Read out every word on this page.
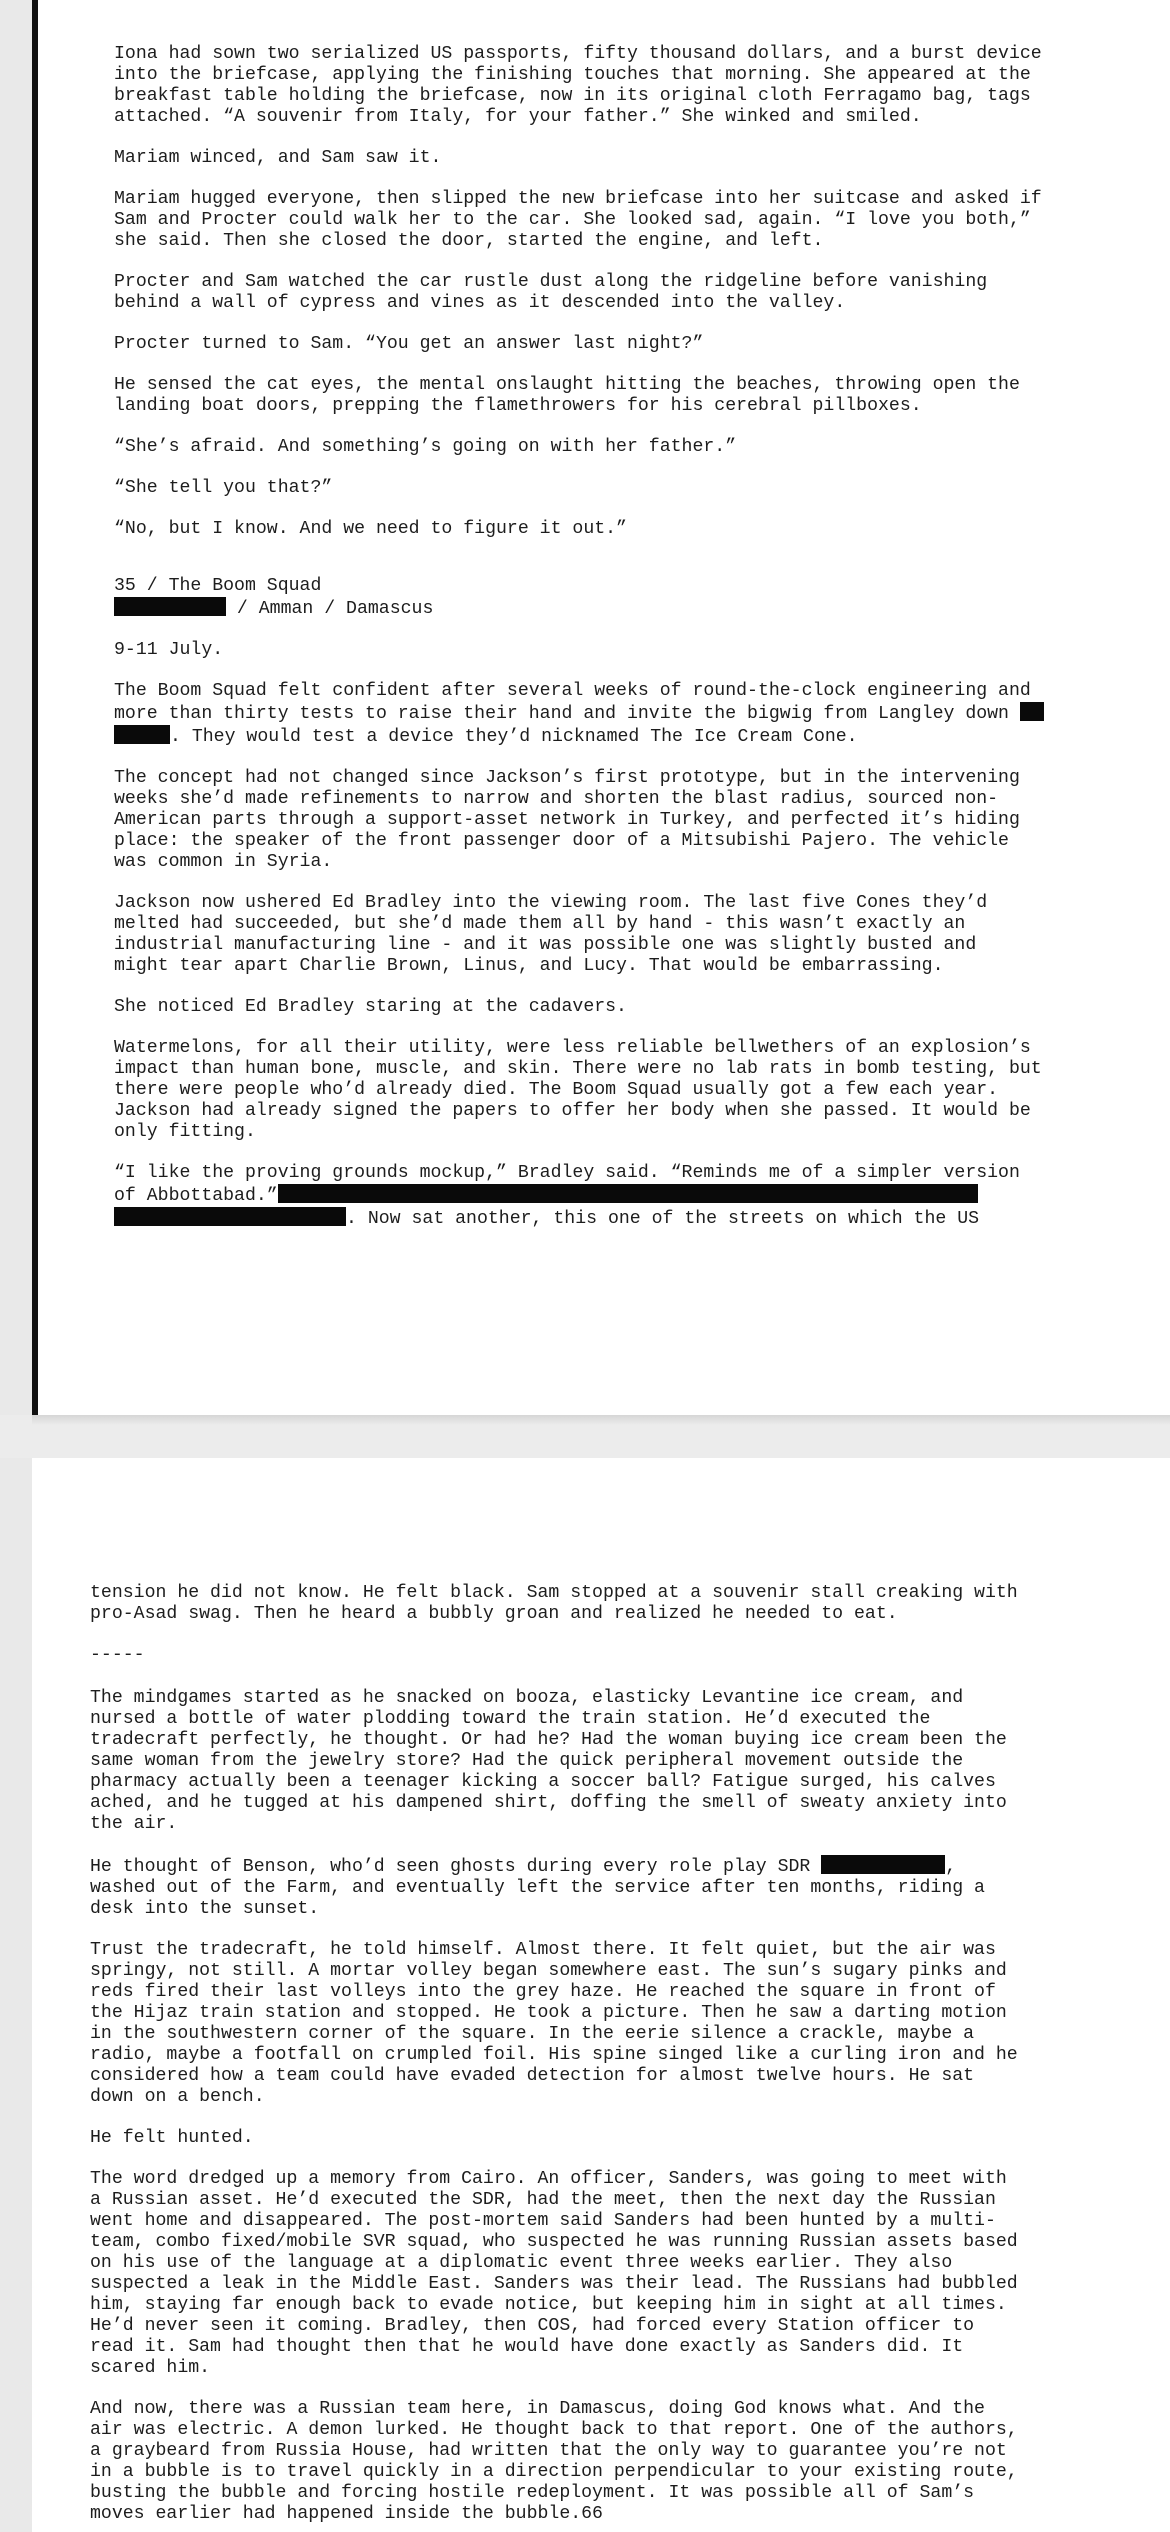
Iona had sown two serialized US passports, fifty thousand dollars, and a burst device
into the briefcase, applying the finishing touches that morning. She appeared at the
breakfast table holding the briefcase, now in its original cloth Ferragamo bag, tags
attached. “A souvenir from Italy, for your father.” She winked and smiled.

Mariam winced, and Sam saw it.

Mariam hugged everyone, then slipped the new briefcase into her suitcase and asked if
Sam and Procter could walk her to the car. She looked sad, again. “I love you both,”
she said. Then she closed the door, started the engine, and left.

Procter and Sam watched the car rustle dust along the ridgeline before vanishing
behind a wall of cypress and vines as it descended into the valley.

Procter turned to Sam. “You get an answer last night?”

He sensed the cat eyes, the mental onslaught hitting the beaches, throwing open the
landing boat doors, prepping the flamethrowers for his cerebral pillboxes.

“She’s afraid. And something’s going on with her father.”

“She tell you that?”

“No, but I know. And we need to figure it out.”

35 / The Boom Squad
/ Amman / Damascus

9-11 July.

The Boom Squad felt confident after several weeks of round-the-clock engineering and
more than thirty tests to raise their hand and invite the bigwig from Langley down
. They would test a device they’d nicknamed The Ice Cream Cone.

The concept had not changed since Jackson’s first prototype, but in the intervening
weeks she’d made refinements to narrow and shorten the blast radius, sourced non-
American parts through a support-asset network in Turkey, and perfected it’s hiding
place: the speaker of the front passenger door of a Mitsubishi Pajero. The vehicle
was common in Syria.

Jackson now ushered Ed Bradley into the viewing room. The last five Cones they’d
melted had succeeded, but she’d made them all by hand - this wasn’t exactly an
industrial manufacturing line - and it was possible one was slightly busted and
might tear apart Charlie Brown, Linus, and Lucy. That would be embarrassing.

She noticed Ed Bradley staring at the cadavers.

Watermelons, for all their utility, were less reliable bellwethers of an explosion’s
impact than human bone, muscle, and skin. There were no lab rats in bomb testing, but
there were people who’d already died. The Boom Squad usually got a few each year.
Jackson had already signed the papers to offer her body when she passed. It would be
only fitting.

“I like the proving grounds mockup,” Bradley said. “Reminds me of a simpler version
of Abbottabad.”
. Now sat another, this one of the streets on which the US

tension he did not know. He felt black. Sam stopped at a souvenir stall creaking with
pro-Asad swag. Then he heard a bubbly groan and realized he needed to eat.

-----

The mindgames started as he snacked on booza, elasticky Levantine ice cream, and
nursed a bottle of water plodding toward the train station. He’d executed the
tradecraft perfectly, he thought. Or had he? Had the woman buying ice cream been the
same woman from the jewelry store? Had the quick peripheral movement outside the
pharmacy actually been a teenager kicking a soccer ball? Fatigue surged, his calves
ached, and he tugged at his dampened shirt, doffing the smell of sweaty anxiety into
the air.

He thought of Benson, who’d seen ghosts during every role play SDR	,
washed out of the Farm, and eventually left the service after ten months, riding a
desk into the sunset.

Trust the tradecraft, he told himself. Almost there. It felt quiet, but the air was
springy, not still. A mortar volley began somewhere east. The sun’s sugary pinks and
reds fired their last volleys into the grey haze. He reached the square in front of
the Hijaz train station and stopped. He took a picture. Then he saw a darting motion
in the southwestern corner of the square. In the eerie silence a crackle, maybe a
radio, maybe a footfall on crumpled foil. His spine singed like a curling iron and he
considered how a team could have evaded detection for almost twelve hours. He sat
down on a bench.

He felt hunted.

The word dredged up a memory from Cairo. An officer, Sanders, was going to meet with
a Russian asset. He’d executed the SDR, had the meet, then the next day the Russian
went home and disappeared. The post-mortem said Sanders had been hunted by a multi-
team, combo fixed/mobile SVR squad, who suspected he was running Russian assets based
on his use of the language at a diplomatic event three weeks earlier. They also
suspected a leak in the Middle East. Sanders was their lead. The Russians had bubbled
him, staying far enough back to evade notice, but keeping him in sight at all times.
He’d never seen it coming. Bradley, then COS, had forced every Station officer to
read it. Sam had thought then that he would have done exactly as Sanders did. It
scared him.

And now, there was a Russian team here, in Damascus, doing God knows what. And the
air was electric. A demon lurked. He thought back to that report. One of the authors,
a graybeard from Russia House, had written that the only way to guarantee you’re not
in a bubble is to travel quickly in a direction perpendicular to your existing route,
busting the bubble and forcing hostile redeployment. It was possible all of Sam’s
moves earlier had happened inside the bubble.66
